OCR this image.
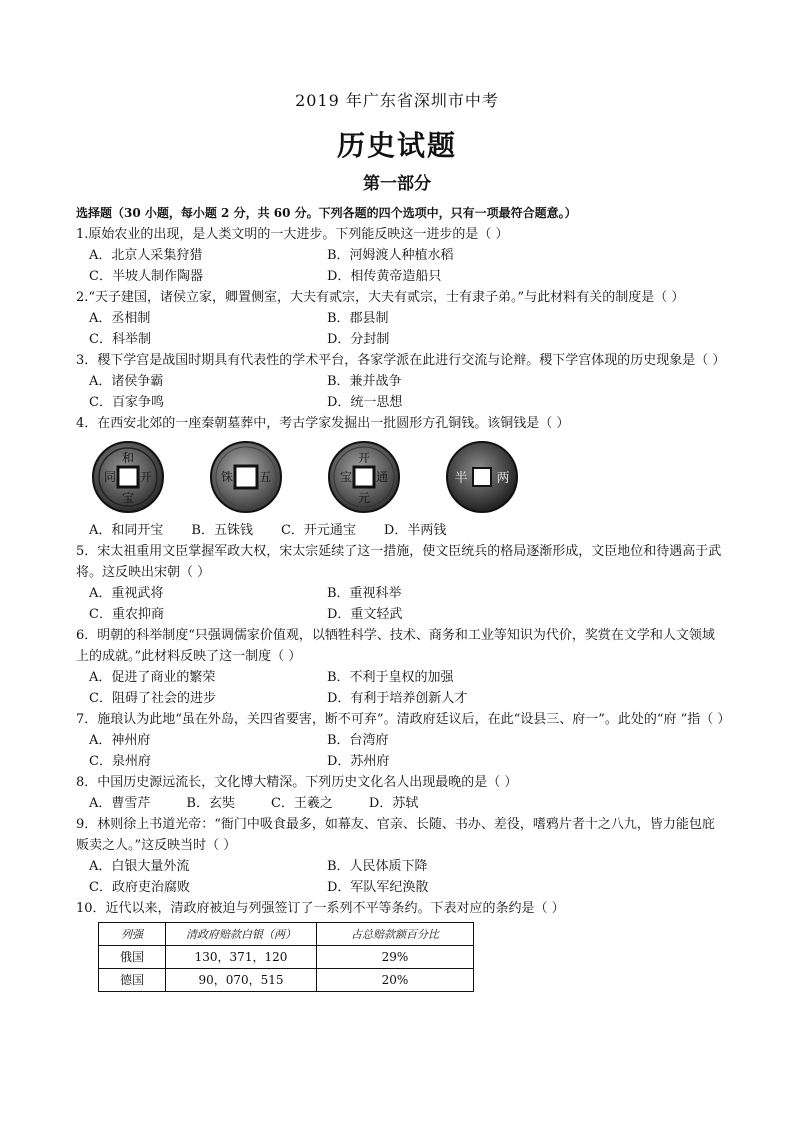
2019 年广东省深圳市中考
历史试题
第一部分
选择题（30 小题，每小题 2 分，共 60 分。下列各题的四个选项中，只有一项最符合题意。）

1.原始农业的出现，是人类文明的一大进步。下列能反映这一进步的是（ ）

A．北京人采集狩猎	B．河姆渡人种植水稻
C．半坡人制作陶器	D．相传黄帝造船只

2.“天子建国，诸侯立家，卿置侧室，大夫有贰宗，大夫有贰宗，士有隶子弟。”与此材料有关的制度是（ ）

A．丞相制	B．郡县制
C．科举制	D．分封制

3．稷下学宫是战国时期具有代表性的学术平台，各家学派在此进行交流与论辩。稷下学宫体现的历史现象是（ ）

A．诸侯争霸	B．兼并战争
C．百家争鸣	D．统一思想

4．在西安北郊的一座秦朝墓葬中，考古学家发掘出一批圆形方孔铜钱。该铜钱是（ ）

和
开
宝
同	五
铢
开
元
通
宝	半 两
A．和同开宝 B．五铢钱 C．开元通宝 D．半两钱

5．宋太祖重用文臣掌握军政大权，宋太宗延续了这一措施，使文臣统兵的格局逐渐形成，文臣地位和待遇高于武将。这反映出宋朝（ ）

A．重视武将	B．重视科举
C．重农抑商	D．重文轻武

6．明朝的科举制度“只强调儒家价值观，以牺牲科学、技术、商务和工业等知识为代价，奖赏在文学和人文领域上的成就。”此材料反映了这一制度（ ）

A．促进了商业的繁荣	B．不利于皇权的加强
C．阻碍了社会的进步	D．有利于培养创新人才

7．施琅认为此地“虽在外岛，关四省要害，断不可弃”。清政府廷议后，在此“设县三、府一”。此处的“府 ”指（ ）

A．神州府	B．台湾府
C．泉州府	D．苏州府

8．中国历史源远流长，文化博大精深。下列历史文化名人出现最晚的是（ ）

A．曹雪芹	B．玄奘	C．王羲之	D．苏轼

9．林则徐上书道光帝：“衙门中吸食最多，如幕友、官亲、长随、书办、差役，嗜鸦片者十之八九，皆力能包庇贩卖之人。”这反映当时（ ）

A．白银大量外流	B．人民体质下降
C．政府吏治腐败	D．军队军纪涣散

10．近代以来，清政府被迫与列强签订了一系列不平等条约。下表对应的条约是（ ）

列强	清政府赔款白银（两）	占总赔款额百分比
俄国	130，371，120	29%
德国	90，070，515	20%
